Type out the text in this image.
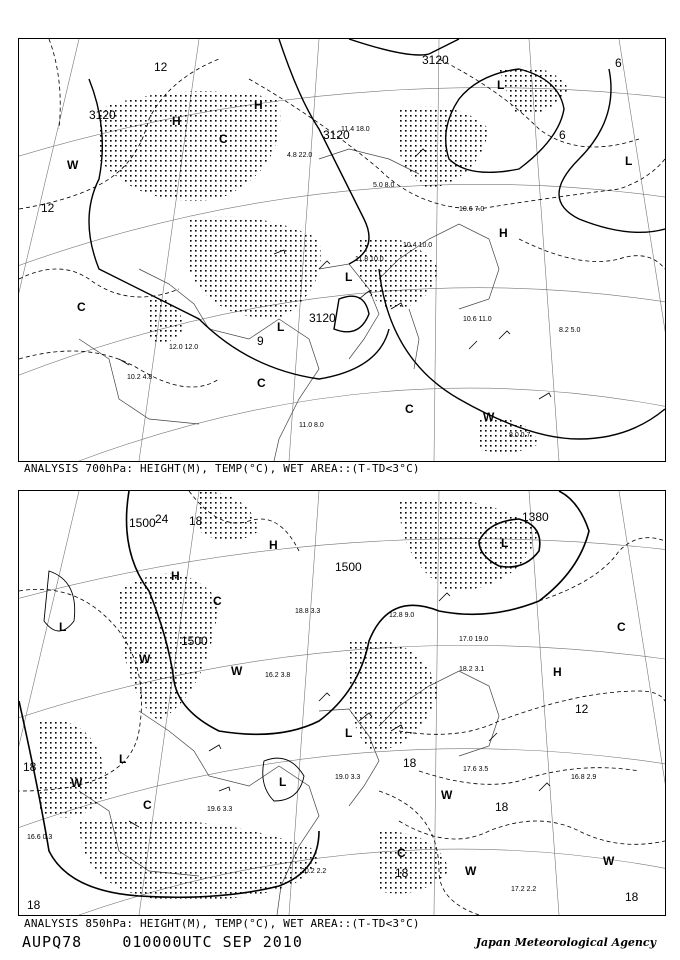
3120
3120
3120
3120
12
12
9
6
6
H
H
H
L
L
L
L
W
W
C
C
C
C
10.6 11.0
8.2 5.0
8.0 0.7
11.0 8.0
10.2 4.8
12.0 12.0
10.4 10.0
11.8 10.0
5.0 8.0
4.8 22.0
11.4 18.0
10.6 7.0
ANALYSIS 700hPa: HEIGHT(M), TEMP(°C), WET AREA::(T-TD<3°C)
1500
1500
1500
1380
18
18	18
18
18
12
24
18
18
H
H
H
L
L
L
L
L
W
W
W
W
W
W
C
C
C
C
16.8 2.9
17.6 3.5
17.2 2.2
19.0 3.3
19.6 3.3
16.6 0.3
18.2 3.1
17.0 19.0
12.8 9.0
20.2 2.2
18.8 3.3
16.2 3.8
ANALYSIS 850hPa: HEIGHT(M), TEMP(°C), WET AREA::(T-TD<3°C)
AUPQ78	010000UTC SEP 2010	Japan Meteorological Agency
